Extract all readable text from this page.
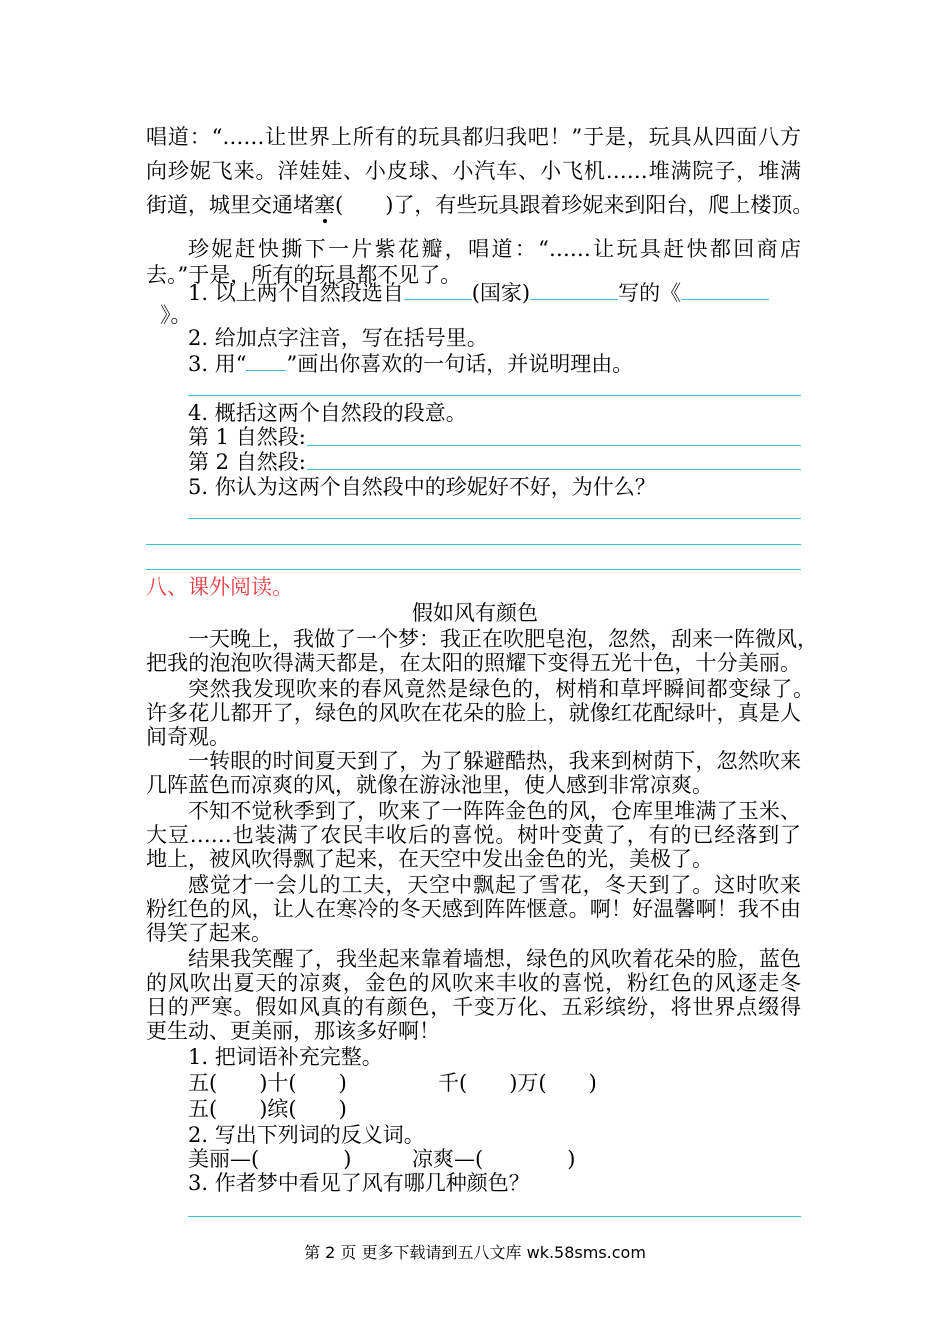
唱道：“……让世界上所有的玩具都归我吧！”于是，玩具从四面八方
向珍妮飞来。洋娃娃、小皮球、小汽车、小飞机……堆满院子，堆满
街道，城里交通堵塞(　　)了，有些玩具跟着珍妮来到阳台，爬上楼顶。
珍妮赶快撕下一片紫花瓣，唱道：“……让玩具赶快都回商店
去。”于是，所有的玩具都不见了。
1. 以上两个自然段选自	(国家)	写的《
》。
2. 给加点字注音，写在括号里。
3. 用“ ”画出你喜欢的一句话，并说明理由。
4. 概括这两个自然段的段意。
第 1 自然段:
第 2 自然段:
5. 你认为这两个自然段中的珍妮好不好，为什么？
八、课外阅读。
假如风有颜色
一天晚上，我做了一个梦：我正在吹肥皂泡，忽然，刮来一阵微风，
把我的泡泡吹得满天都是，在太阳的照耀下变得五光十色，十分美丽。
突然我发现吹来的春风竟然是绿色的，树梢和草坪瞬间都变绿了。
许多花儿都开了，绿色的风吹在花朵的脸上，就像红花配绿叶，真是人
间奇观。
一转眼的时间夏天到了，为了躲避酷热，我来到树荫下，忽然吹来
几阵蓝色而凉爽的风，就像在游泳池里，使人感到非常凉爽。
不知不觉秋季到了，吹来了一阵阵金色的风，仓库里堆满了玉米、
大豆……也装满了农民丰收后的喜悦。树叶变黄了，有的已经落到了
地上，被风吹得飘了起来，在天空中发出金色的光，美极了。
感觉才一会儿的工夫，天空中飘起了雪花，冬天到了。这时吹来
粉红色的风，让人在寒冷的冬天感到阵阵惬意。啊！好温馨啊！我不由
得笑了起来。
结果我笑醒了，我坐起来靠着墙想，绿色的风吹着花朵的脸，蓝色
的风吹出夏天的凉爽，金色的风吹来丰收的喜悦，粉红色的风逐走冬
日的严寒。假如风真的有颜色，千变万化、五彩缤纷，将世界点缀得
更生动、更美丽，那该多好啊！
1. 把词语补充完整。
五(　　)十(　　)	千(　　)万(　　)
五(　　)缤(　　)
2. 写出下列词的反义词。
美丽—(　　　　)	凉爽—(　　　　)
3. 作者梦中看见了风有哪几种颜色？
第 2 页 更多下载请到五八文库 wk.58sms.com
